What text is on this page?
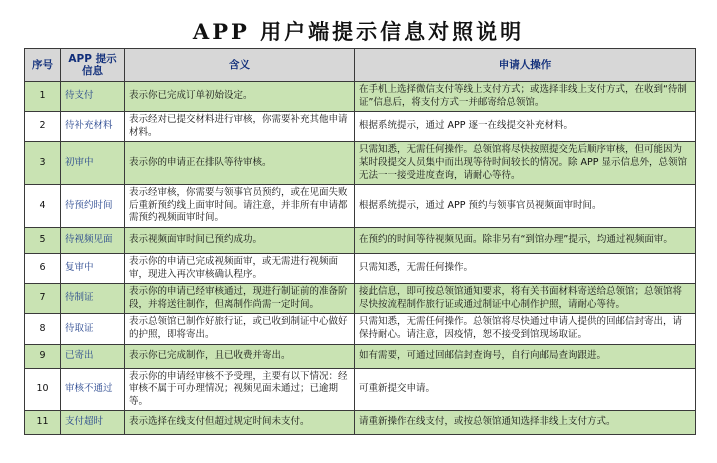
APP 用户端提示信息对照说明
序号	APP 提示信息	含义	申请人操作
1	待支付	表示你已完成订单初始设定。	在手机上选择微信支付等线上支付方式；或选择非线上支付方式，在收到“待制证”信息后，将支付方式一并邮寄给总领馆。
2	待补充材料	表示经对已提交材料进行审核，你需要补充其他申请材料。	根据系统提示，通过 APP 逐一在线提交补充材料。
3	初审中	表示你的申请正在排队等待审核。	只需知悉，无需任何操作。总领馆将尽快按照提交先后顺序审核，但可能因为某时段提交人员集中而出现等待时间较长的情况。除 APP 显示信息外，总领馆无法一一接受进度查询，请耐心等待。
4	待预约时间	表示经审核，你需要与领事官员预约，或在见面失败后重新预约线上面审时间。请注意，并非所有申请都需预约视频面审时间。	根据系统提示，通过 APP 预约与领事官员视频面审时间。
5	待视频见面	表示视频面审时间已预约成功。	在预约的时间等待视频见面。除非另有“到馆办理”提示，均通过视频面审。
6	复审中	表示你的申请已完成视频面审，或无需进行视频面审，现进入再次审核确认程序。	只需知悉，无需任何操作。
7	待制证	表示你的申请已经审核通过，现进行制证前的准备阶段，并将送往制作，但离制作尚需一定时间。	接此信息，即可按总领馆通知要求，将有关书面材料寄送给总领馆；总领馆将尽快按流程制作旅行证或通过制证中心制作护照，请耐心等待。
8	待取证	表示总领馆已制作好旅行证，或已收到制证中心做好的护照，即将寄出。	只需知悉，无需任何操作。总领馆将尽快通过申请人提供的回邮信封寄出，请保持耐心。请注意，因疫情，恕不接受到馆现场取证。
9	已寄出	表示你已完成制作，且已收费并寄出。	如有需要，可通过回邮信封查询号，自行向邮局查询跟进。
10	审核不通过	表示你的申请经审核不予受理，主要有以下情况：经审核不属于可办理情况；视频见面未通过；已逾期等。	可重新提交申请。
11	支付超时	表示选择在线支付但超过规定时间未支付。	请重新操作在线支付，或按总领馆通知选择非线上支付方式。
